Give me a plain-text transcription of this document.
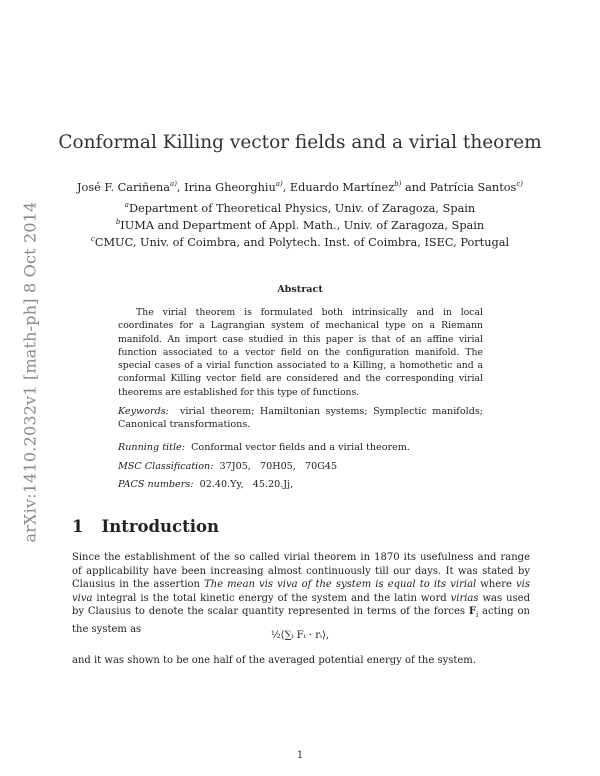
arXiv:1410.2032v1 [math-ph] 8 Oct 2014
Conformal Killing vector fields and a virial theorem
José F. Cariñena$^{a)}$, Irina Gheorghiu$^{a)}$, Eduardo Martínez$^{b)}$ and Patrícia Santos$^{c)}$
$^a$Department of Theoretical Physics, Univ. of Zaragoza, Spain
$^b$IUMA and Department of Appl. Math., Univ. of Zaragoza, Spain
$^c$CMUC, Univ. of Coimbra, and Polytech. Inst. of Coimbra, ISEC, Portugal
Abstract
The virial theorem is formulated both intrinsically and in local coordinates for a Lagrangian system of mechanical type on a Riemann manifold. An import case studied in this paper is that of an affine virial function associated to a vector field on the configuration manifold. The special cases of a virial function associated to a Killing, a homothetic and a conformal Killing vector field are considered and the corresponding virial theorems are established for this type of functions.
Keywords: virial theorem; Hamiltonian systems; Symplectic manifolds; Canonical transformations.
Running title: Conformal vector fields and a virial theorem.
MSC Classification: 37J05,   70H05,   70G45
PACS numbers: 02.40.Yy,   45.20.Jj,
1 Introduction
Since the establishment of the so called virial theorem in 1870 its usefulness and range of applicability have been increasing almost continuously till our days. It was stated by Clausius in the assertion The mean vis viva of the system is equal to its virial where vis viva integral is the total kinetic energy of the system and the latin word virias was used by Clausius to denote the scalar quantity represented in terms of the forces $F_i$ acting on the system as
½⟨∑ᵢ Fᵢ · rᵢ⟩,
and it was shown to be one half of the averaged potential energy of the system.
1
